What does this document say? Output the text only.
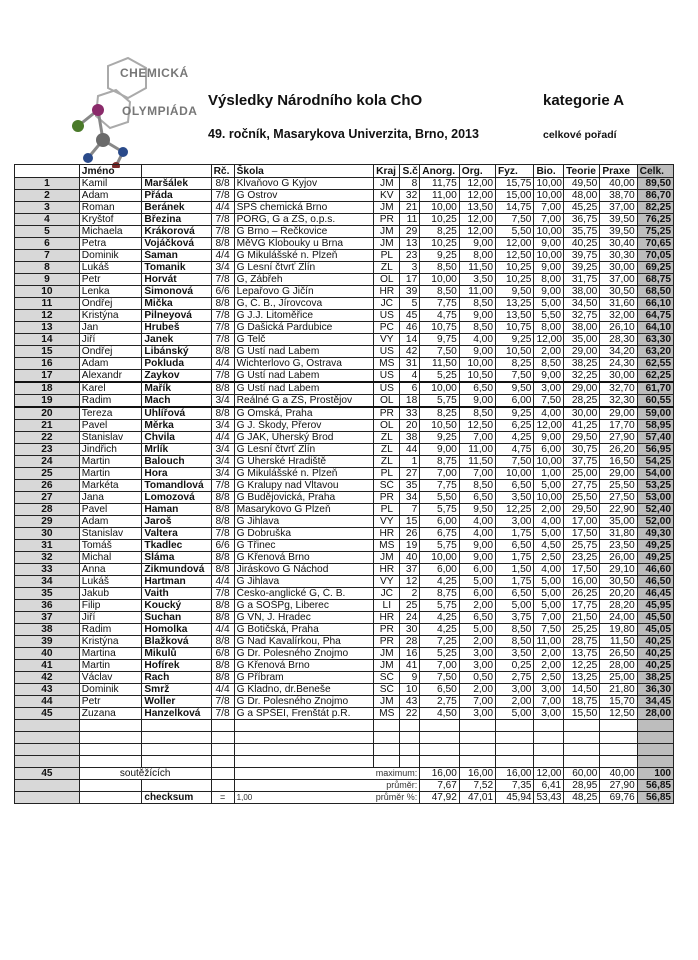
CHEMICKÁ
OLYMPIÁDA
Výsledky Národního kola ChO	kategorie A
49. ročník, Masarykova Univerzita, Brno, 2013	celkové pořadí
	Jméno		Rč.	Škola	Kraj	S.č	Anorg.	Org.	Fyz.	Bio.	Teorie	Praxe	Celk.
1	Kamil	Maršálek	8/8	Klvaňovo G Kyjov	JM	8	11,75	12,00	15,75	10,00	49,50	40,00	89,50
2	Adam	Přáda	7/8	G Ostrov	KV	32	11,00	12,00	15,00	10,00	48,00	38,70	86,70
3	Roman	Beránek	4/4	SPŠ chemická Brno	JM	21	10,00	13,50	14,75	7,00	45,25	37,00	82,25
4	Kryštof	Březina	7/8	PORG, G a ZŠ, o.p.s.	PR	11	10,25	12,00	7,50	7,00	36,75	39,50	76,25
5	Michaela	Krákorová	7/8	G Brno – Řečkovice	JM	29	8,25	12,00	5,50	10,00	35,75	39,50	75,25
6	Petra	Vojáčková	8/8	MěVG Klobouky u Brna	JM	13	10,25	9,00	12,00	9,00	40,25	30,40	70,65
7	Dominik	Šaman	4/4	G Mikulášské n. Plzeň	PL	23	9,25	8,00	12,50	10,00	39,75	30,30	70,05
8	Lukáš	Tomanik	3/4	G Lesní čtvrť Zlín	ZL	3	8,50	11,50	10,25	9,00	39,25	30,00	69,25
9	Petr	Horvát	7/8	G, Zábřeh	OL	17	10,00	3,50	10,25	8,00	31,75	37,00	68,75
10	Lenka	Šimonová	6/6	Lepařovo G Jičín	HR	39	8,50	11,00	9,50	9,00	38,00	30,50	68,50
11	Ondřej	Mička	8/8	G, Č. B., Jírovcova	JČ	5	7,75	8,50	13,25	5,00	34,50	31,60	66,10
12	Kristýna	Pilneyová	7/8	G J.J. Litoměřice	ÚS	45	4,75	9,00	13,50	5,50	32,75	32,00	64,75
13	Jan	Hrubeš	7/8	G Dašická Pardubice	PC	46	10,75	8,50	10,75	8,00	38,00	26,10	64,10
14	Jiří	Janek	7/8	G Telč	VY	14	9,75	4,00	9,25	12,00	35,00	28,30	63,30
15	Ondřej	Libánský	8/8	G Ústí nad Labem	ÚS	42	7,50	9,00	10,50	2,00	29,00	34,20	63,20
16	Adam	Pokluda	4/4	Wichterlovo G, Ostrava	MS	31	11,50	10,00	8,25	8,50	38,25	24,30	62,55
17	Alexandr	Zaykov	7/8	G Ústí nad Labem	ÚS	4	5,25	10,50	7,50	9,00	32,25	30,00	62,25
18	Karel	Mařík	8/8	G Ústí nad Labem	ÚS	6	10,00	6,50	9,50	3,00	29,00	32,70	61,70
19	Radim	Mach	3/4	Reálné G a ZŠ, Prostějov	OL	18	5,75	9,00	6,00	7,50	28,25	32,30	60,55
20	Tereza	Uhlířová	8/8	G Omská, Praha	PR	33	8,25	8,50	9,25	4,00	30,00	29,00	59,00
21	Pavel	Měrka	3/4	G J. Škody, Přerov	OL	20	10,50	12,50	6,25	12,00	41,25	17,70	58,95
22	Stanislav	Chvila	4/4	G JAK, Uherský Brod	ZL	38	9,25	7,00	4,25	9,00	29,50	27,90	57,40
23	Jindřich	Mrlík	3/4	G Lesní čtvrť Zlín	ZL	44	9,00	11,00	4,75	6,00	30,75	26,20	56,95
24	Martin	Balouch	3/4	G Uherské Hradiště	ZL	1	8,75	11,50	7,50	10,00	37,75	16,50	54,25
25	Martin	Hora	3/4	G Mikulášské n. Plzeň	PL	27	7,00	7,00	10,00	1,00	25,00	29,00	54,00
26	Markéta	Tomandlová	7/8	G Kralupy nad Vltavou	SČ	35	7,75	8,50	6,50	5,00	27,75	25,50	53,25
27	Jana	Lomozová	8/8	G Budějovická, Praha	PR	34	5,50	6,50	3,50	10,00	25,50	27,50	53,00
28	Pavel	Haman	8/8	Masarykovo G Plzeň	PL	7	5,75	9,50	12,25	2,00	29,50	22,90	52,40
29	Adam	Jaroš	8/8	G Jihlava	VY	15	6,00	4,00	3,00	4,00	17,00	35,00	52,00
30	Stanislav	Valtera	7/8	G Dobruška	HR	26	6,75	4,00	1,75	5,00	17,50	31,80	49,30
31	Tomáš	Tkadlec	6/6	G Třinec	MS	19	5,75	9,00	6,50	4,50	25,75	23,50	49,25
32	Michal	Sláma	8/8	G Křenová Brno	JM	40	10,00	9,00	1,75	2,50	23,25	26,00	49,25
33	Anna	Zikmundová	8/8	Jiráskovo G Náchod	HR	37	6,00	6,00	1,50	4,00	17,50	29,10	46,60
34	Lukáš	Hartman	4/4	G Jihlava	VY	12	4,25	5,00	1,75	5,00	16,00	30,50	46,50
35	Jakub	Vaith	7/8	Česko-anglické G, Č. B.	JČ	2	8,75	6,00	6,50	5,00	26,25	20,20	46,45
36	Filip	Koucký	8/8	G a SOŠPg, Liberec	LI	25	5,75	2,00	5,00	5,00	17,75	28,20	45,95
37	Jiří	Suchan	8/8	G VN, J. Hradec	HR	24	4,25	6,50	3,75	7,00	21,50	24,00	45,50
38	Radim	Homolka	4/4	G Botičská, Praha	PR	30	4,25	5,00	8,50	7,50	25,25	19,80	45,05
39	Kristýna	Blažková	8/8	G Nad Kavalírkou, Pha	PR	28	7,25	2,00	8,50	11,00	28,75	11,50	40,25
40	Martina	Mikulů	6/8	G Dr. Polesného Znojmo	JM	16	5,25	3,00	3,50	2,00	13,75	26,50	40,25
41	Martin	Hofírek	8/8	G Křenová Brno	JM	41	7,00	3,00	0,25	2,00	12,25	28,00	40,25
42	Václav	Rach	8/8	G Příbram	SČ	9	7,50	0,50	2,75	2,50	13,25	25,00	38,25
43	Dominik	Smrž	4/4	G Kladno, dr.Beneše	SČ	10	6,50	2,00	3,00	3,00	14,50	21,80	36,30
44	Petr	Woller	7/8	G Dr. Polesného Znojmo	JM	43	2,75	7,00	2,00	7,00	18,75	15,70	34,45
45	Zuzana	Hanzelková	7/8	G a SPŠEI, Frenštát p.R.	MS	22	4,50	3,00	5,00	3,00	15,50	12,50	28,00

45	soutěžících			maximum:			16,00	16,00	16,00	12,00	60,00	40,00	100
				průměr:			7,67	7,52	7,35	6,41	28,95	27,90	56,85
		checksum	=	1,00 průměr %:			47,92	47,01	45,94	53,43	48,25	69,76	56,85
